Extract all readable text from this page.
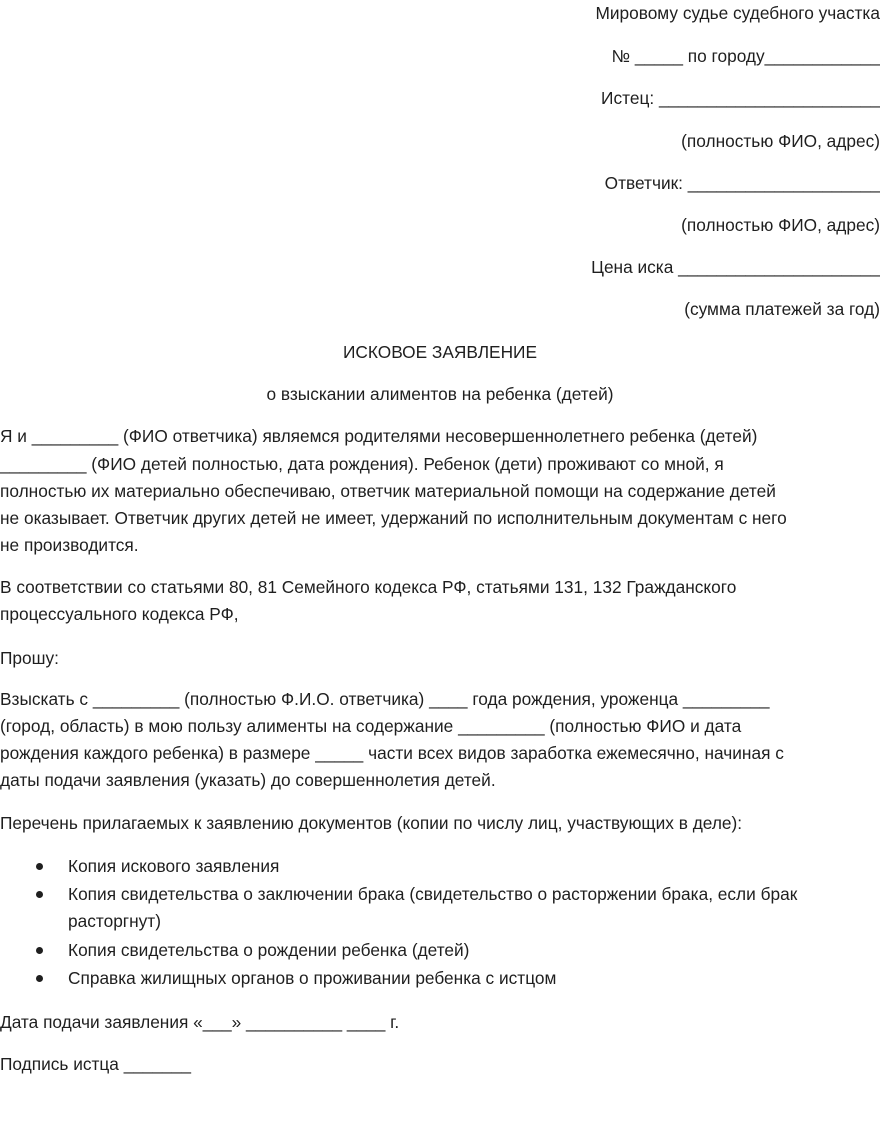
Мировому судье судебного участка
№ _____ по городу____________
Истец: _______________________
(полностью ФИО, адрес)
Ответчик: ____________________
(полностью ФИО, адрес)
Цена иска _____________________
(сумма платежей за год)
ИСКОВОЕ ЗАЯВЛЕНИЕ
о взыскании алиментов на ребенка (детей)
Я и _________ (ФИО ответчика) являемся родителями несовершеннолетнего ребенка (детей)
_________ (ФИО детей полностью, дата рождения). Ребенок (дети) проживают со мной, я
полностью их материально обеспечиваю, ответчик материальной помощи на содержание детей
не оказывает. Ответчик других детей не имеет, удержаний по исполнительным документам с него
не производится.
В соответствии со статьями 80, 81 Семейного кодекса РФ, статьями 131, 132 Гражданского
процессуального кодекса РФ,
Прошу:
Взыскать с _________ (полностью Ф.И.О. ответчика) ____ года рождения, уроженца _________
(город, область) в мою пользу алименты на содержание _________ (полностью ФИО и дата
рождения каждого ребенка) в размере _____ части всех видов заработка ежемесячно, начиная с
даты подачи заявления (указать) до совершеннолетия детей.
Перечень прилагаемых к заявлению документов (копии по числу лиц, участвующих в деле):
Копия искового заявления
Копия свидетельства о заключении брака (свидетельство о расторжении брака, если брак
расторгнут)
Копия свидетельства о рождении ребенка (детей)
Справка жилищных органов о проживании ребенка с истцом
Дата подачи заявления «___» __________ ____ г.
Подпись истца _______
